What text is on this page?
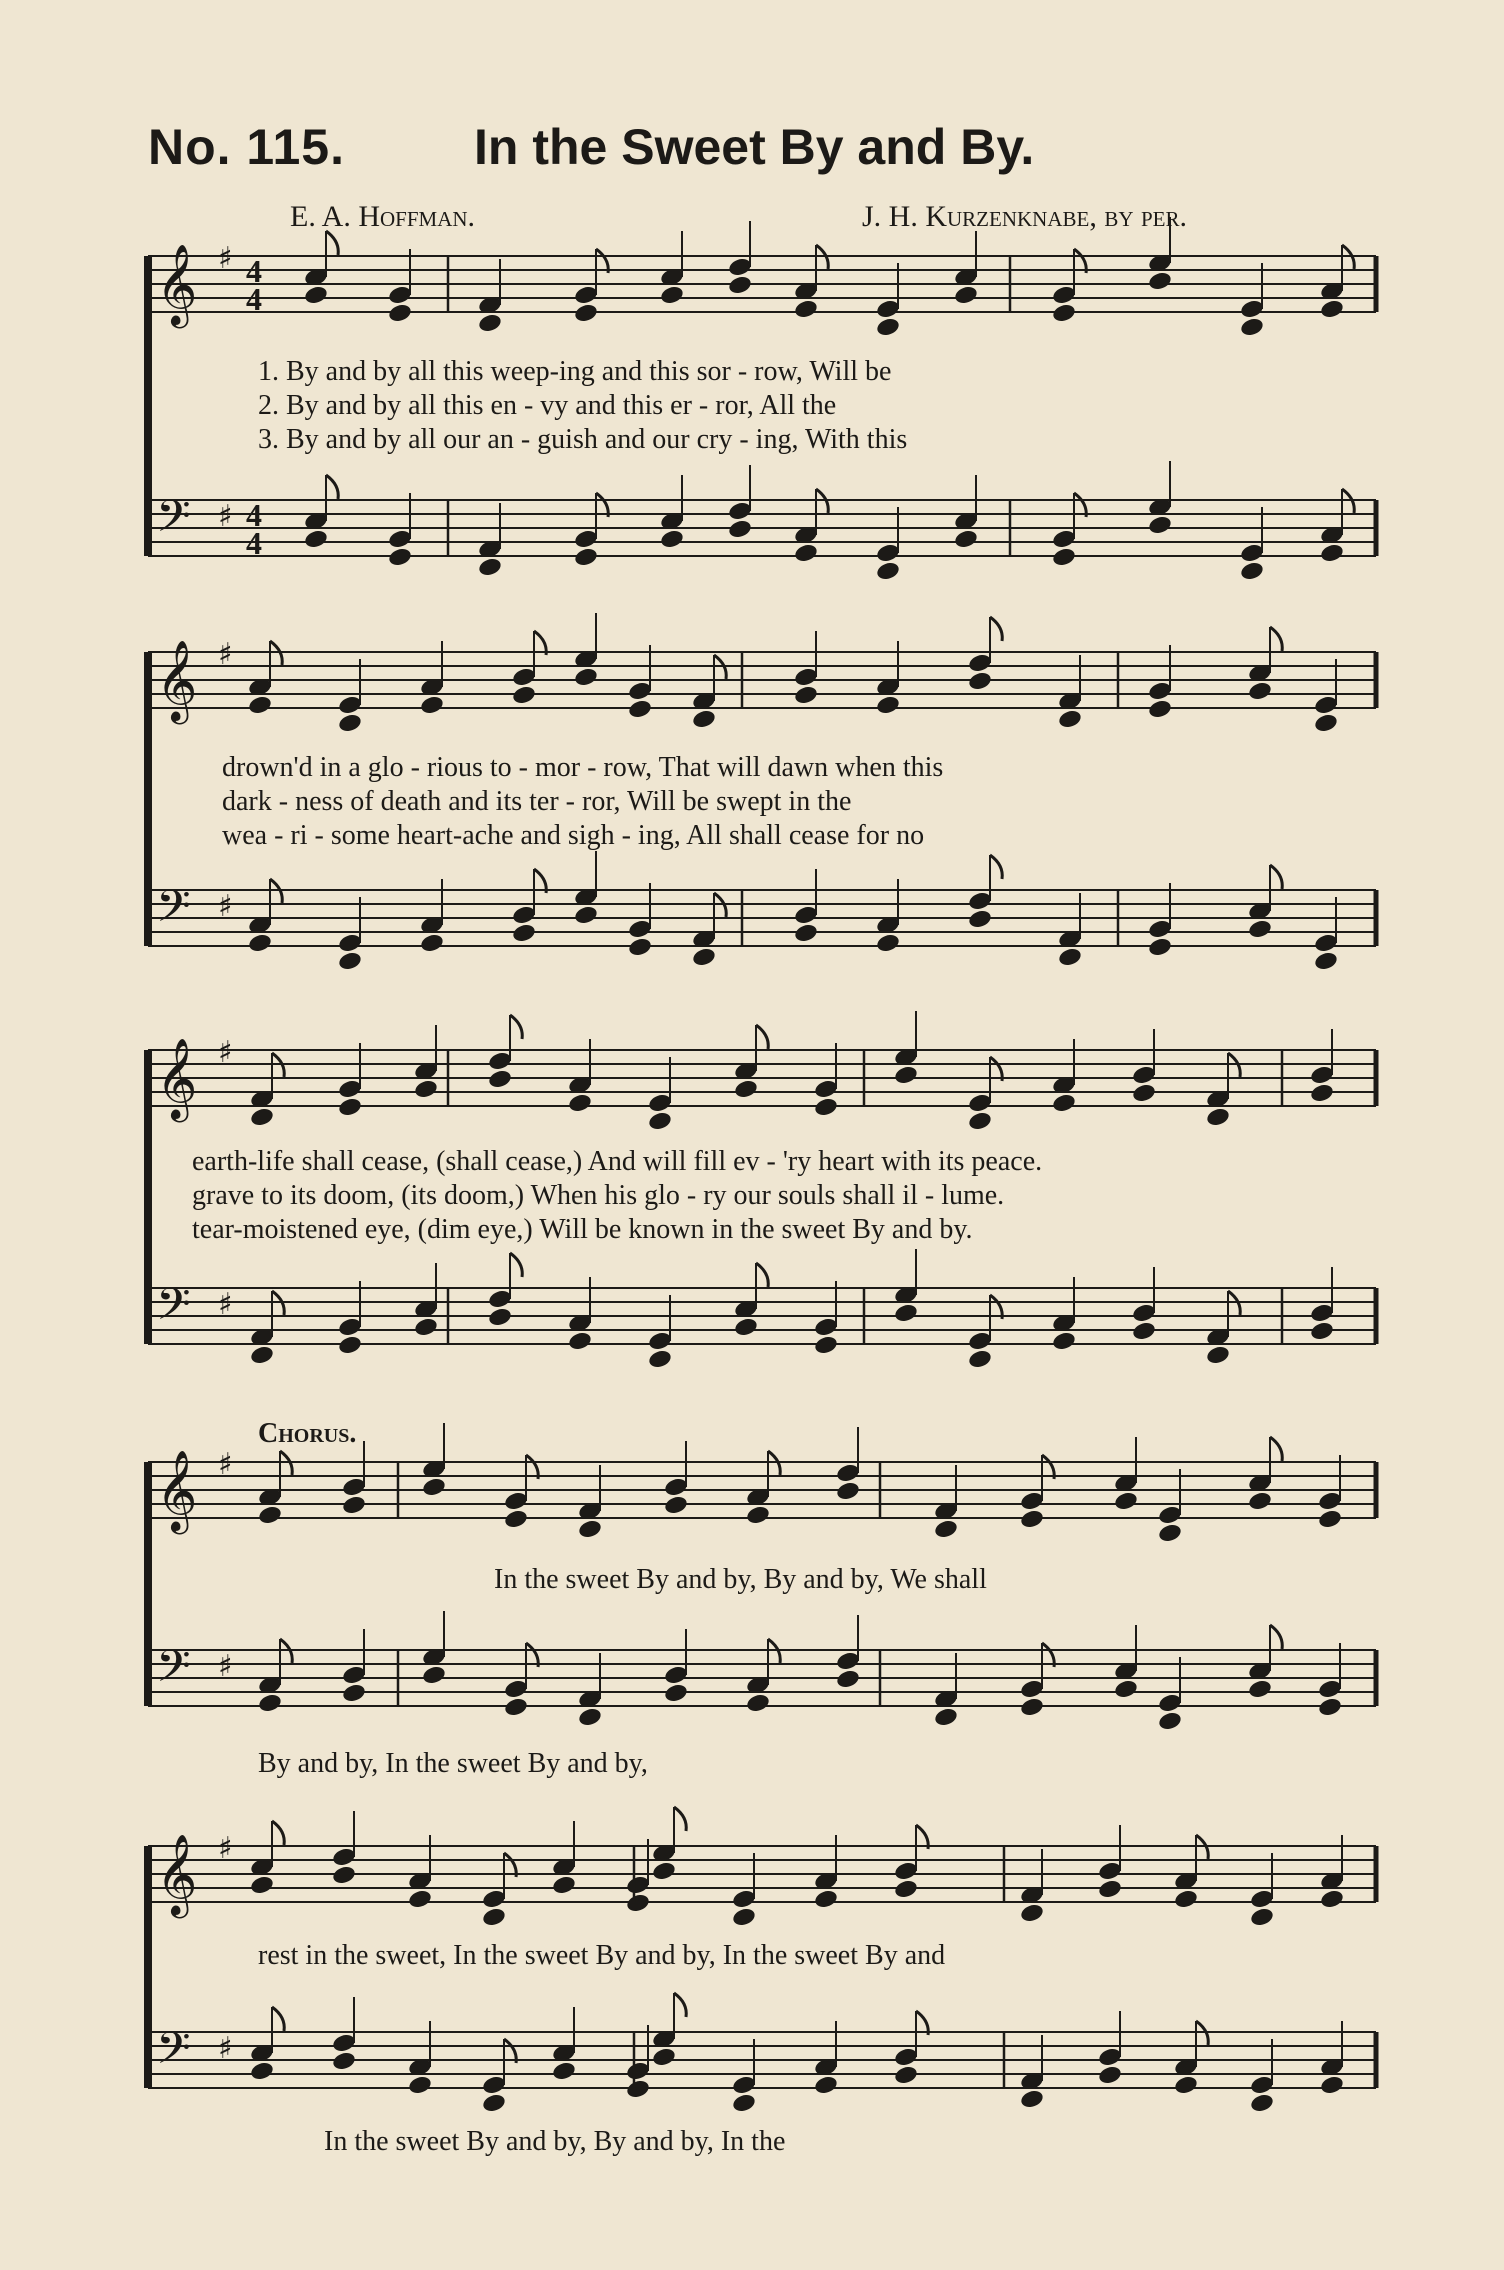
No. 115.	In the Sweet By and By.
E. A. Hoffman.	J. H. Kurzenknabe, by per.
𝄞 ♯ 4
4
𝄢 ♯ 4
4
𝄞 ♯
𝄢 ♯
𝄞 ♯
𝄢 ♯
𝄞 ♯
𝄢 ♯
𝄞 ♯
𝄢 ♯
1. By and by all this weep-ing and this sor - row, Will be
2. By and by all this en - vy and this er - ror, All the
3. By and by all our an - guish and our cry - ing, With this
drown'd in a glo - rious to - mor - row, That will dawn when this
dark - ness of death and its ter - ror, Will be swept in the
wea - ri - some heart-ache and sigh - ing, All shall cease for no
earth-life shall cease, (shall cease,) And will fill ev - 'ry heart with its peace.
grave to its doom, (its doom,) When his glo - ry our souls shall il - lume.
tear-moistened eye, (dim eye,) Will be known in the sweet By and by.
Chorus.
In the sweet By and by, By and by, We shall
By and by, In the sweet By and by,
rest in the sweet, In the sweet By and by, In the sweet By and
In the sweet By and by, By and by, In the
